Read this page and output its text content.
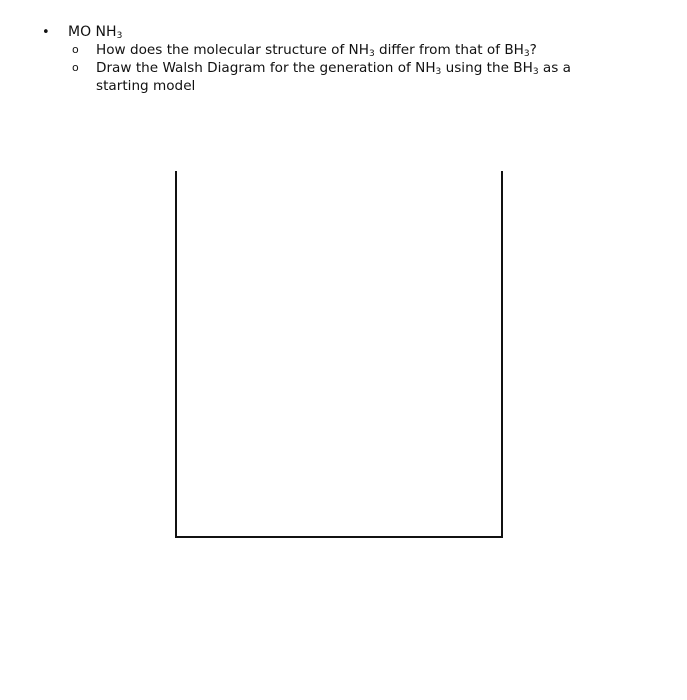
• MO $NH_3$
o How does the molecular structure of $NH_3$ differ from that of $BH_3$?
o Draw the Walsh Diagram for the generation of $NH_3$ using the $BH_3$ as a
starting model
